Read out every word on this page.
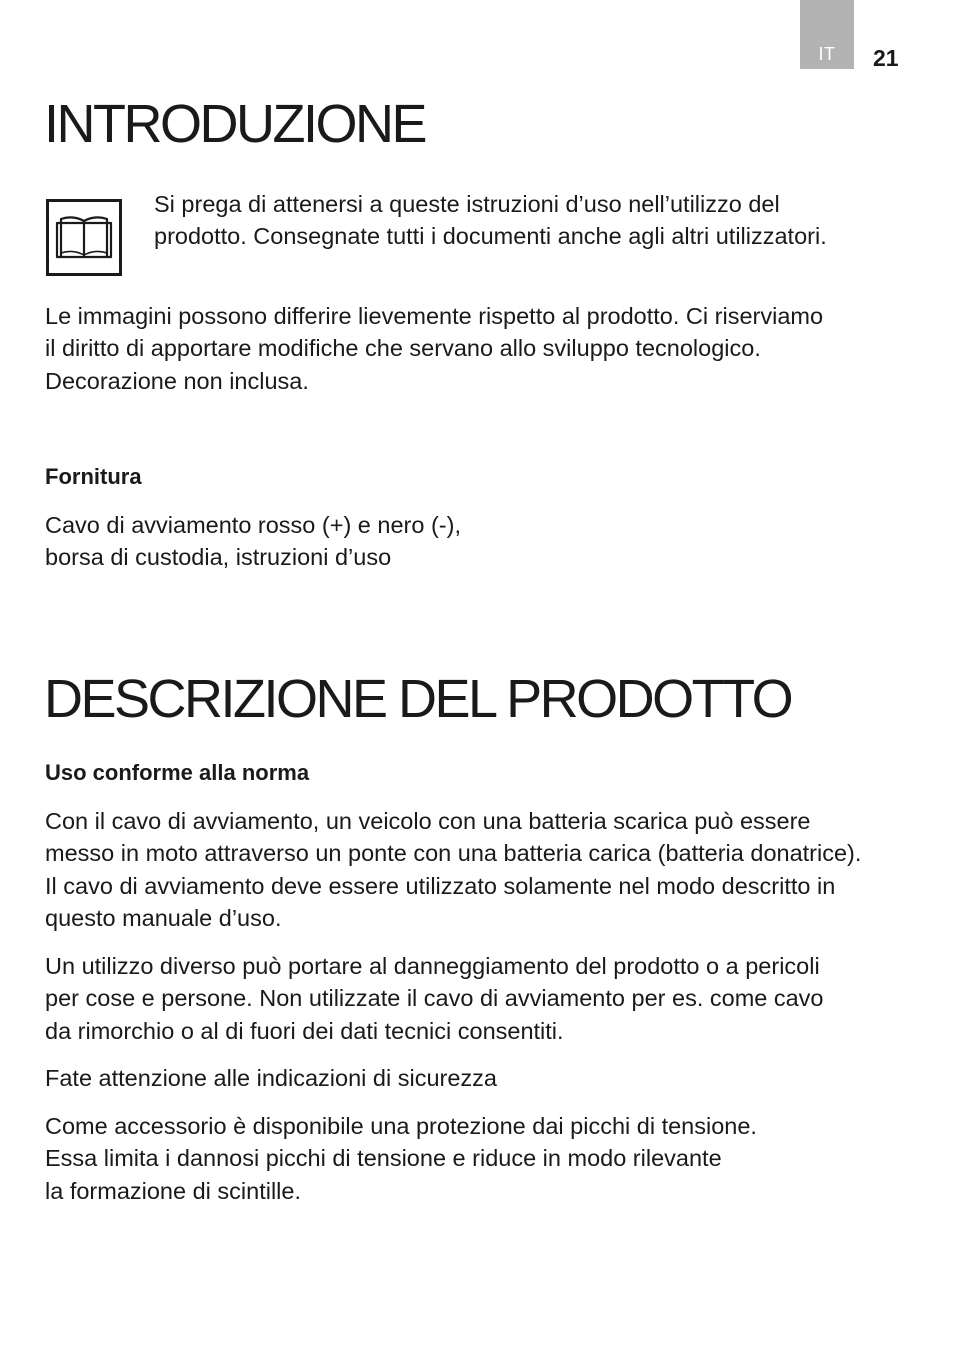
IT	21
INTRODUZIONE

Si prega di attenersi a queste istruzioni d’uso nell’utilizzo del
prodotto. Consegnate tutti i documenti anche agli altri utilizzatori.

Le immagini possono differire lievemente rispetto al prodotto. Ci riserviamo
il diritto di apportare modifiche che servano allo sviluppo tecnologico.
Decorazione non inclusa.

Fornitura

Cavo di avviamento rosso (+) e nero (-),
borsa di custodia, istruzioni d’uso

DESCRIZIONE DEL PRODOTTO
Uso conforme alla norma

Con il cavo di avviamento, un veicolo con una batteria scarica può essere
messo in moto attraverso un ponte con una batteria carica (batteria donatrice).
Il cavo di avviamento deve essere utilizzato solamente nel modo descritto in
questo manuale d’uso.

Un utilizzo diverso può portare al danneggiamento del prodotto o a pericoli
per cose e persone. Non utilizzate il cavo di avviamento per es. come cavo
da rimorchio o al di fuori dei dati tecnici consentiti.

Fate attenzione alle indicazioni di sicurezza

Come accessorio è disponibile una protezione dai picchi di tensione.
Essa limita i dannosi picchi di tensione e riduce in modo rilevante
la formazione di scintille.
